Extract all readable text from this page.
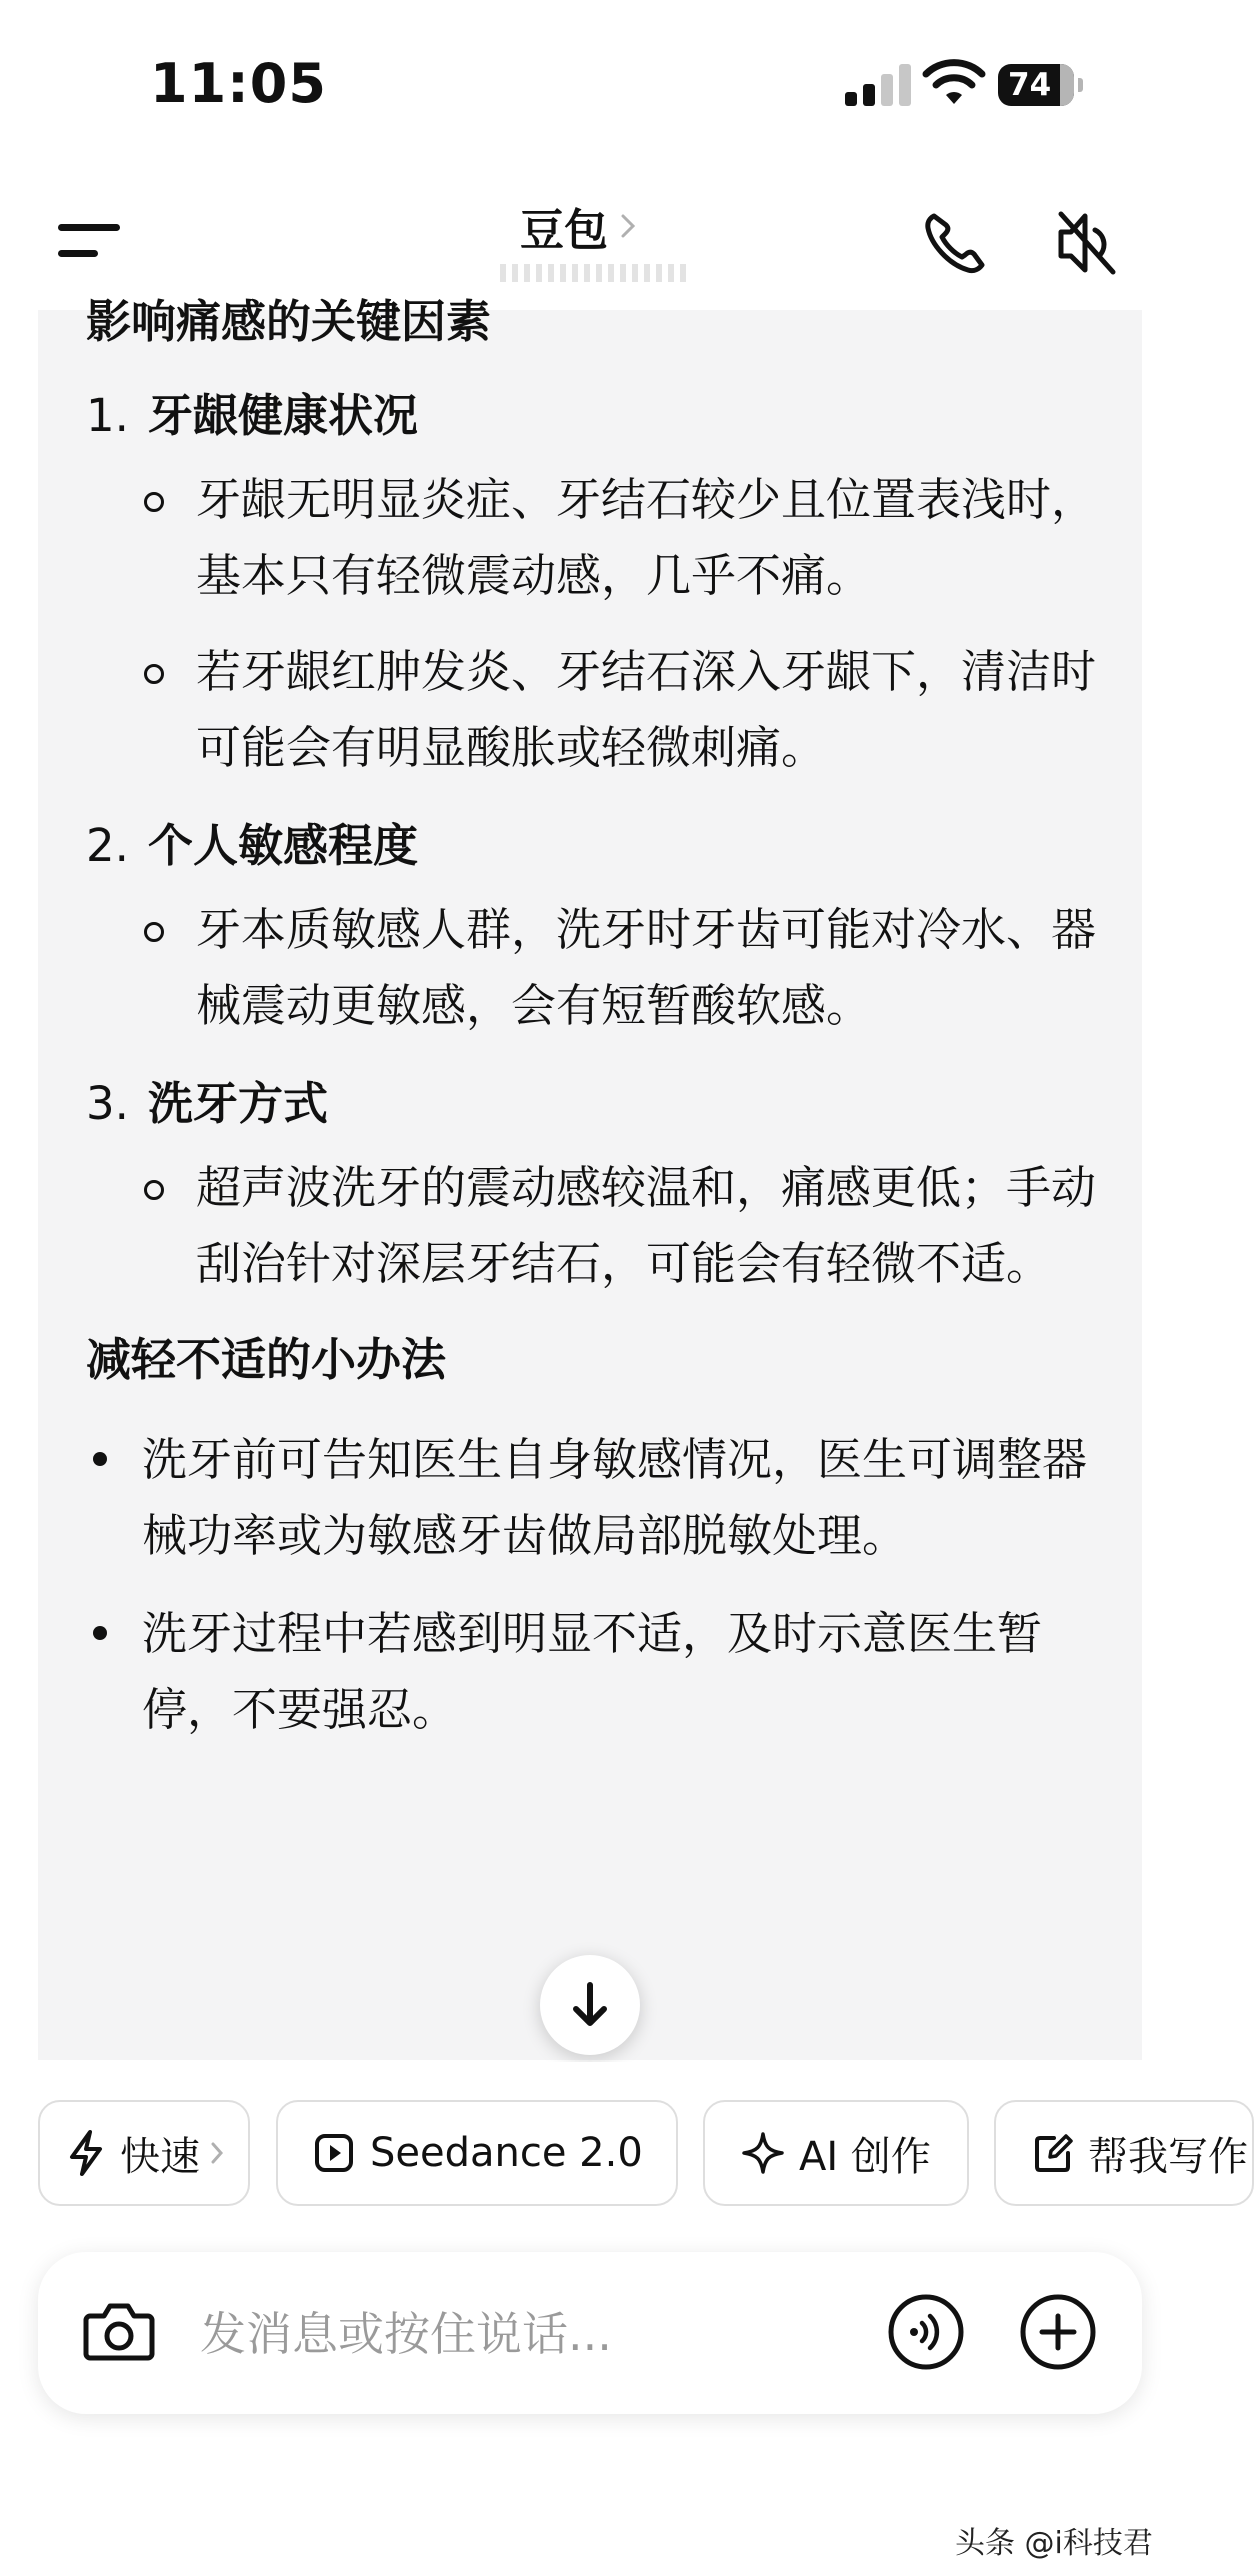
11:05	74
豆包
影响痛感的关键因素
1. 牙龈健康状况
牙龈无明显炎症、牙结石较少且位置表浅时，基本只有轻微震动感，几乎不痛。
若牙龈红肿发炎、牙结石深入牙龈下，清洁时可能会有明显酸胀或轻微刺痛。
2. 个人敏感程度
牙本质敏感人群，洗牙时牙齿可能对冷水、器械震动更敏感，会有短暂酸软感。
3. 洗牙方式
超声波洗牙的震动感较温和，痛感更低；手动刮治针对深层牙结石，可能会有轻微不适。
减轻不适的小办法
洗牙前可告知医生自身敏感情况，医生可调整器械功率或为敏感牙齿做局部脱敏处理。
洗牙过程中若感到明显不适，及时示意医生暂停，不要强忍。
快速	Seedance 2.0	AI 创作	帮我写作
发消息或按住说话...
头条 @i科技君
